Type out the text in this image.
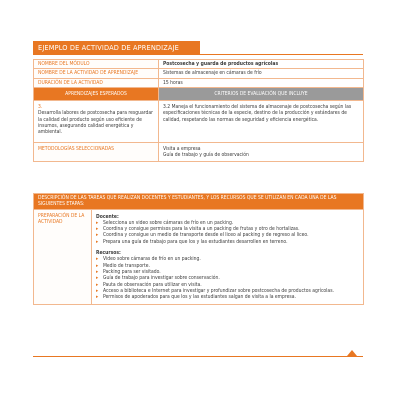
EJEMPLO DE ACTIVIDAD DE APRENDIZAJE
NOMBRE DEL MÓDULO	Postcosecha y guarda de productos agrícolas
NOMBRE DE LA ACTIVIDAD DE APRENDIZAJE	Sistemas de almacenaje en cámaras de frío
DURACIÓN DE LA ACTIVIDAD	15 horas
APRENDIZAJES ESPERADOS	CRITERIOS DE EVALUACIÓN QUE INCLUYE

3.
Desarrolla labores de postcosecha para resguardar la calidad del producto según uso eficiente de insumos, asegurando calidad energética y ambiental.	3.2 Maneja el funcionamiento del sistema de almacenaje de postcosecha según las especificaciones técnicas de la especie, destino de la producción y estándares de calidad, respetando las normas de seguridad y eficiencia energética.

METODOLOGÍAS SELECCIONADAS	Visita a empresa
Guía de trabajo y guía de observación
DESCRIPCIÓN DE LAS TAREAS QUE REALIZAN DOCENTES Y ESTUDIANTES, Y LOS RECURSOS QUE SE UTILIZAN EN CADA UNA DE LAS SIGUIENTES ETAPAS:
PREPARACIÓN DE LA ACTIVIDAD	
Docente:
▸ Selecciona un video sobre cámaras de frío en un packing.
▸ Coordina y consigue permisos para la visita a un packing de frutas y otro de hortalizas.
▸ Coordina y consigue un medio de transporte desde el liceo al packing y de regreso al liceo.
▸ Prepara una guía de trabajo para que los y las estudiantes desarrollen en terreno.
Recursos:
▸ Video sobre cámaras de frío en un packing.
▸ Medio de transporte.
▸ Packing para ser visitado.
▸ Guía de trabajo para investigar sobre conservación.
▸ Pauta de observación para utilizar en visita.
▸ Acceso a biblioteca e Internet para investigar y profundizar sobre postcosecha de productos agrícolas.
▸ Permisos de apoderados para que los y las estudiantes salgan de visita a la empresa.
